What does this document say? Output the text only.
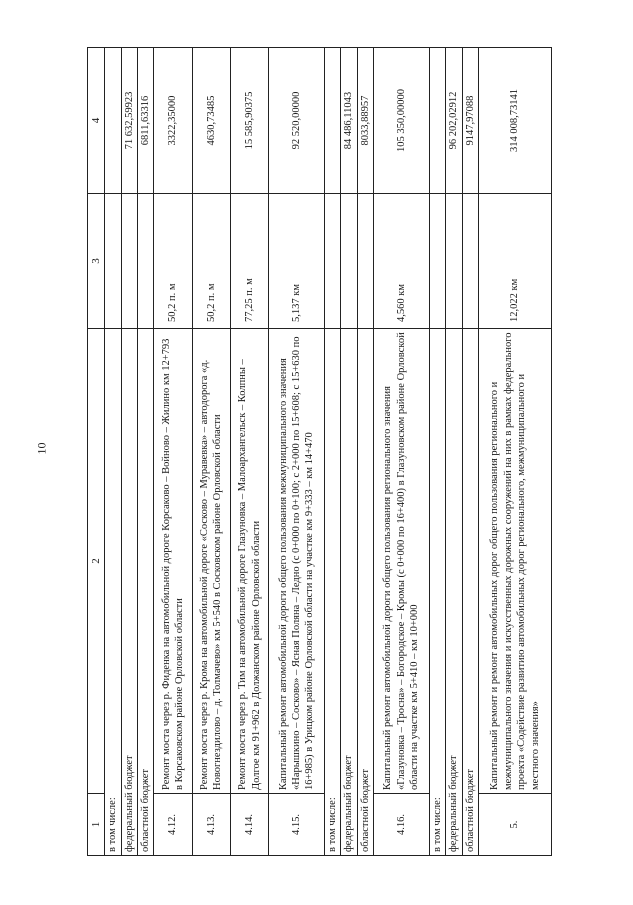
10
1	2	3	4
в том числе:			
федеральный бюджет			71 632,59923
областной бюджет			6811,63316
4.12.	Ремонт моста через р. Фиденка на автомобильной дороге Корсаково – Войново – Жилино км 12+793 в Корсаковском районе Орловской области	50,2 п. м	3322,35000
4.13.	Ремонт моста через р. Крома на автомобильной дороге «Сосково – Муравевка» – автодорога «д. Новогнездилово – д. Толмачево» км 5+540 в Сосковском районе Орловской области	50,2 п. м	4630,73485
4.14.	Ремонт моста через р. Тим на автомобильной дороге Глазуновка – Малоархангельск – Колпны – Долгое км 91+962 в Должанском районе Орловской области	77,25 п. м	15 585,90375
4.15.	Капитальный ремонт автомобильной дороги общего пользования межмуниципального значения «Нарышкино – Сосково» – Ясная Поляна – Ледно (с 0+000 по 0+100; с 2+000 по 15+608; с 15+630 по 16+985) в Урицком районе Орловской области на участке км 9+333 – км 14+470	5,137 км	92 520,00000
в том числе:			
федеральный бюджет			84 486,11043
областной бюджет			8033,88957
4.16.	Капитальный ремонт автомобильной дороги общего пользования регионального значения «Глазуновка – Тросна» – Богородское – Кромы (с 0+000 по 16+400) в Глазуновском районе Орловской области на участке км 5+410 – км 10+000	4,560 км	105 350,00000
в том числе:			
федеральный бюджет			96 202,02912
областной бюджет			9147,97088
5.	Капитальный ремонт и ремонт автомобильных дорог общего пользования регионального и межмуниципального значения и искусственных дорожных сооружений на них в рамках федерального проекта «Содействие развитию автомобильных дорог регионального, межмуниципального и местного значения»	12,022 км	314 008,73141
